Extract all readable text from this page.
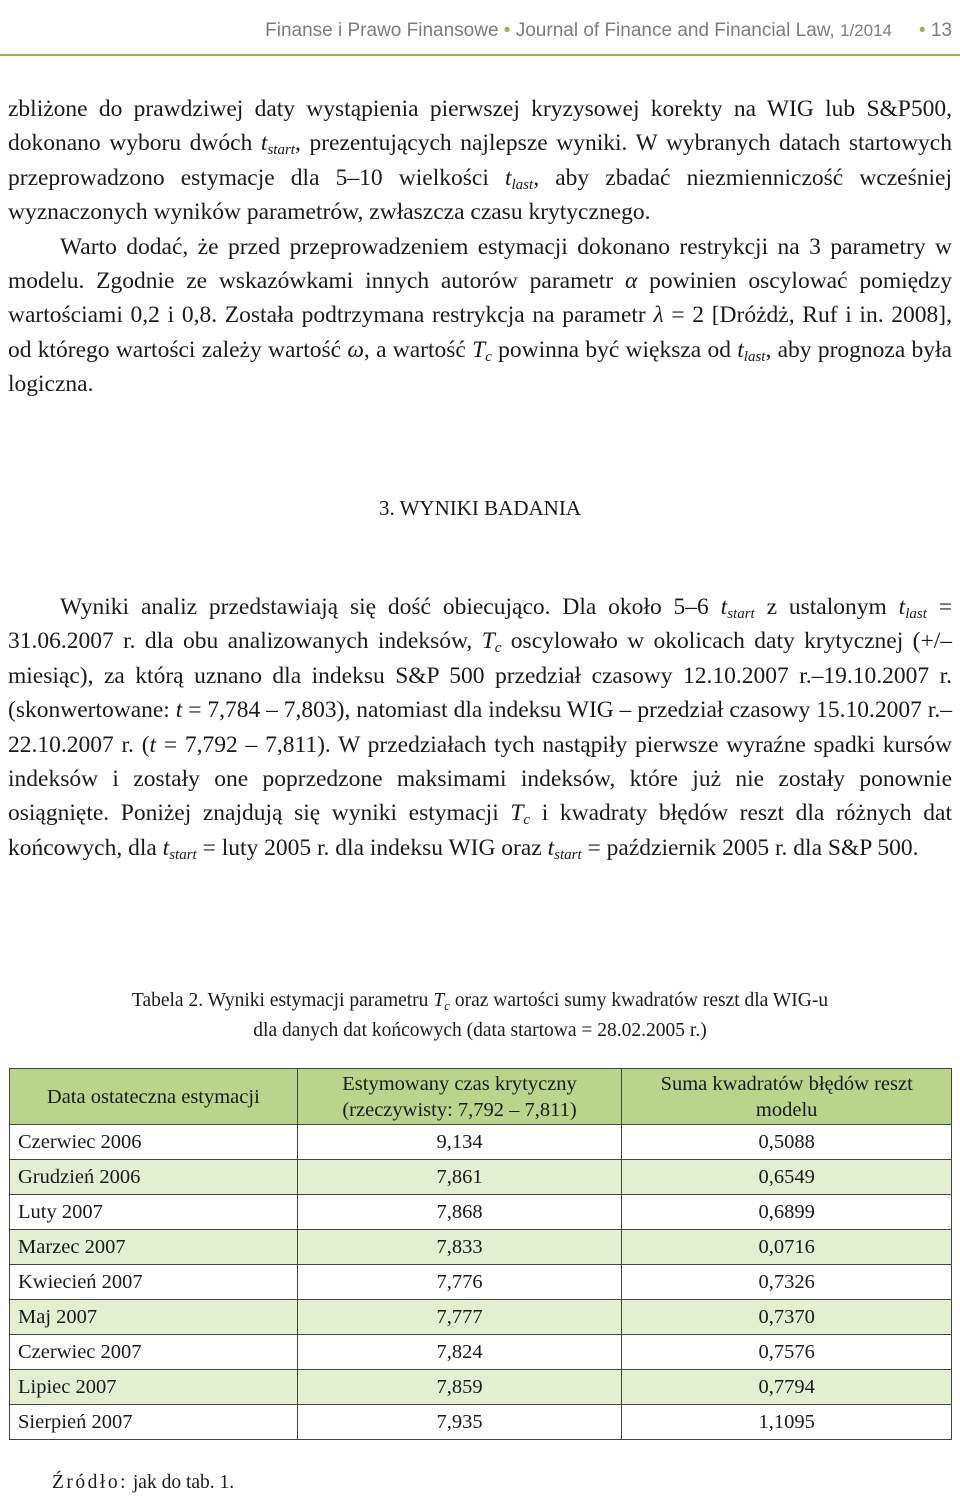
Finanse i Prawo Finansowe • Journal of Finance and Financial Law, 1/2014 • 13

zbliżone do prawdziwej daty wystąpienia pierwszej kryzysowej korekty na WIG lub S&P500, dokonano wyboru dwóch $t_{start}$, prezentujących najlepsze wyniki. W wybranych datach startowych przeprowadzono estymacje dla 5–10 wielkości $t_{last}$, aby zbadać niezmienniczość wcześniej wyznaczonych wyników parametrów, zwłaszcza czasu krytycznego.

Warto dodać, że przed przeprowadzeniem estymacji dokonano restrykcji na 3 parametry w modelu. Zgodnie ze wskazówkami innych autorów parametr α powinien oscylować pomiędzy wartościami 0,2 i 0,8. Została podtrzymana restrykcja na parametr λ = 2 [Dróżdż, Ruf i in. 2008], od którego wartości zależy wartość ω, a wartość $T_c$ powinna być większa od $t_{last}$, aby prognoza była logiczna.

3. WYNIKI BADANIA

Wyniki analiz przedstawiają się dość obiecująco. Dla około 5–6 $t_{start}$ z ustalonym $t_{last} = 31.06.2007$ r. dla obu analizowanych indeksów, $T_c$ oscylowało w okolicach daty krytycznej (+/– miesiąc), za którą uznano dla indeksu S&P 500 przedział czasowy 12.10.2007 r.–19.10.2007 r. (skonwertowane: t = 7,784 – 7,803), natomiast dla indeksu WIG – przedział czasowy 15.10.2007 r.–22.10.2007 r. (t = 7,792 – 7,811). W przedziałach tych nastąpiły pierwsze wyraźne spadki kursów indeksów i zostały one poprzedzone maksimami indeksów, które już nie zostały ponownie osiągnięte. Poniżej znajdują się wyniki estymacji $T_c$ i kwadraty błędów reszt dla różnych dat końcowych, dla $t_{start}$ = luty 2005 r. dla indeksu WIG oraz $t_{start}$ = październik 2005 r. dla S&P 500.

Tabela 2. Wyniki estymacji parametru $T_c$ oraz wartości sumy kwadratów reszt dla WIG-u
dla danych dat końcowych (data startowa = 28.02.2005 r.)
Data ostateczna estymacji	Estymowany czas krytyczny (rzeczywisty: 7,792 – 7,811)	Suma kwadratów błędów reszt modelu
Czerwiec 2006	9,134	0,5088
Grudzień 2006	7,861	0,6549
Luty 2007	7,868	0,6899
Marzec 2007	7,833	0,0716
Kwiecień 2007	7,776	0,7326
Maj 2007	7,777	0,7370
Czerwiec 2007	7,824	0,7576
Lipiec 2007	7,859	0,7794
Sierpień 2007	7,935	1,1095
Źródło: jak do tab. 1.
